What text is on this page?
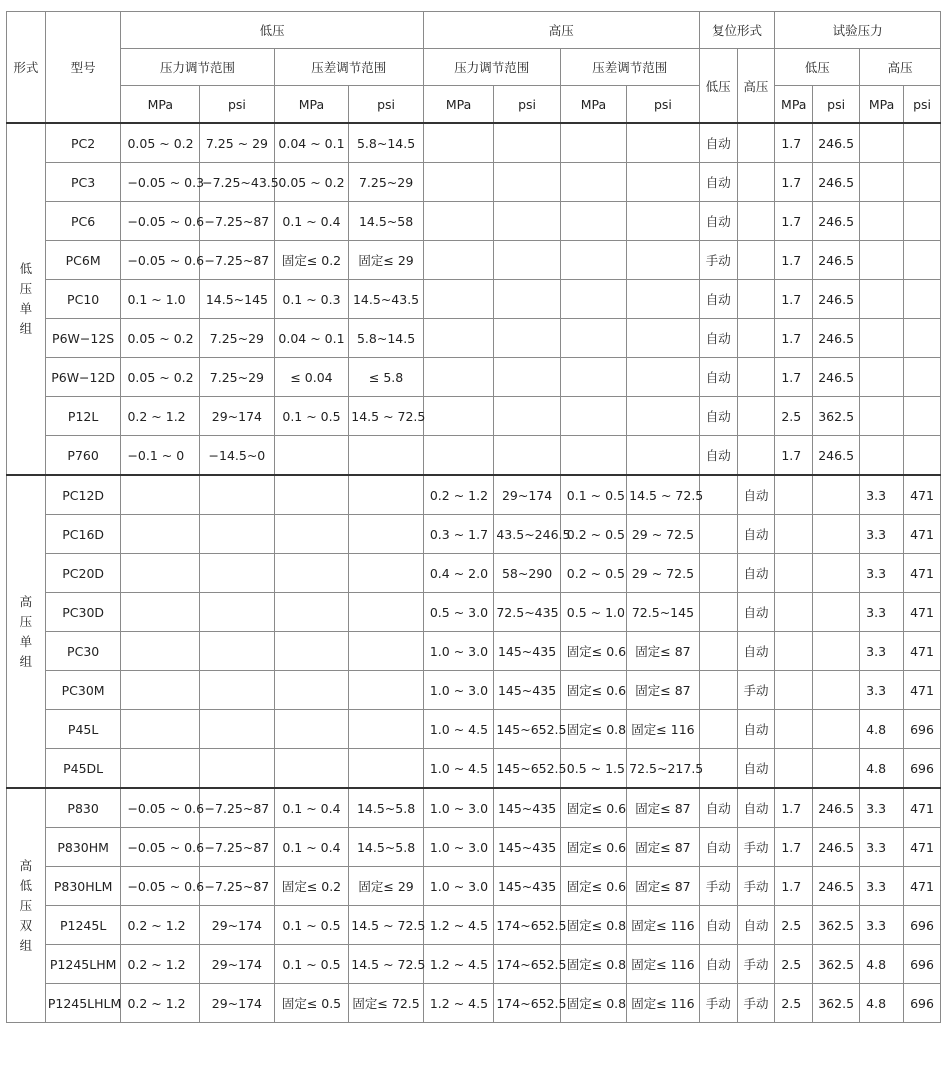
形式	型号	低压				高压				复位形式		试验压力			
		压力调节范围		压差调节范围		压力调节范围		压差调节范围		低压	高压	低压		高压	
		MPa	psi	MPa	psi	MPa	psi	MPa	psi			MPa	psi	MPa	psi

低
压
单
组	PC2	0.05 ~ 0.2	7.25 ~ 29	0.04 ~ 0.1	5.8~14.5					自动		1.7	246.5		
	PC3	−0.05 ~ 0.3	−7.25~43.5	0.05 ~ 0.2	7.25~29					自动		1.7	246.5		
	PC6	−0.05 ~ 0.6	−7.25~87	0.1 ~ 0.4	14.5~58					自动		1.7	246.5		
	PC6M	−0.05 ~ 0.6	−7.25~87	固定≤ 0.2	固定≤ 29					手动		1.7	246.5		
	PC10	0.1 ~ 1.0	14.5~145	0.1 ~ 0.3	14.5~43.5					自动		1.7	246.5		
	P6W−12S	0.05 ~ 0.2	7.25~29	0.04 ~ 0.1	5.8~14.5					自动		1.7	246.5		
	P6W−12D	0.05 ~ 0.2	7.25~29	≤ 0.04	≤ 5.8					自动		1.7	246.5		
	P12L	0.2 ~ 1.2	29~174	0.1 ~ 0.5	14.5 ~ 72.5					自动		2.5	362.5		
	P760	−0.1 ~ 0	−14.5~0							自动		1.7	246.5		

高
压
单
组	PC12D					0.2 ~ 1.2	29~174	0.1 ~ 0.5	14.5 ~ 72.5		自动			3.3	471
	PC16D					0.3 ~ 1.7	43.5~246.5	0.2 ~ 0.5	29 ~ 72.5		自动			3.3	471
	PC20D					0.4 ~ 2.0	58~290	0.2 ~ 0.5	29 ~ 72.5		自动			3.3	471
	PC30D					0.5 ~ 3.0	72.5~435	0.5 ~ 1.0	72.5~145		自动			3.3	471
	PC30					1.0 ~ 3.0	145~435	固定≤ 0.6	固定≤ 87		自动			3.3	471
	PC30M					1.0 ~ 3.0	145~435	固定≤ 0.6	固定≤ 87		手动			3.3	471
	P45L					1.0 ~ 4.5	145~652.5	固定≤ 0.8	固定≤ 116		自动			4.8	696
	P45DL					1.0 ~ 4.5	145~652.5	0.5 ~ 1.5	72.5~217.5		自动			4.8	696

高
低
压
双
组	P830	−0.05 ~ 0.6	−7.25~87	0.1 ~ 0.4	14.5~5.8	1.0 ~ 3.0	145~435	固定≤ 0.6	固定≤ 87	自动	自动	1.7	246.5	3.3	471
	P830HM	−0.05 ~ 0.6	−7.25~87	0.1 ~ 0.4	14.5~5.8	1.0 ~ 3.0	145~435	固定≤ 0.6	固定≤ 87	自动	手动	1.7	246.5	3.3	471
	P830HLM	−0.05 ~ 0.6	−7.25~87	固定≤ 0.2	固定≤ 29	1.0 ~ 3.0	145~435	固定≤ 0.6	固定≤ 87	手动	手动	1.7	246.5	3.3	471
	P1245L	0.2 ~ 1.2	29~174	0.1 ~ 0.5	14.5 ~ 72.5	1.2 ~ 4.5	174~652.5	固定≤ 0.8	固定≤ 116	自动	自动	2.5	362.5	3.3	696
	P1245LHM	0.2 ~ 1.2	29~174	0.1 ~ 0.5	14.5 ~ 72.5	1.2 ~ 4.5	174~652.5	固定≤ 0.8	固定≤ 116	自动	手动	2.5	362.5	4.8	696
	P1245LHLM	0.2 ~ 1.2	29~174	固定≤ 0.5	固定≤ 72.5	1.2 ~ 4.5	174~652.5	固定≤ 0.8	固定≤ 116	手动	手动	2.5	362.5	4.8	696
